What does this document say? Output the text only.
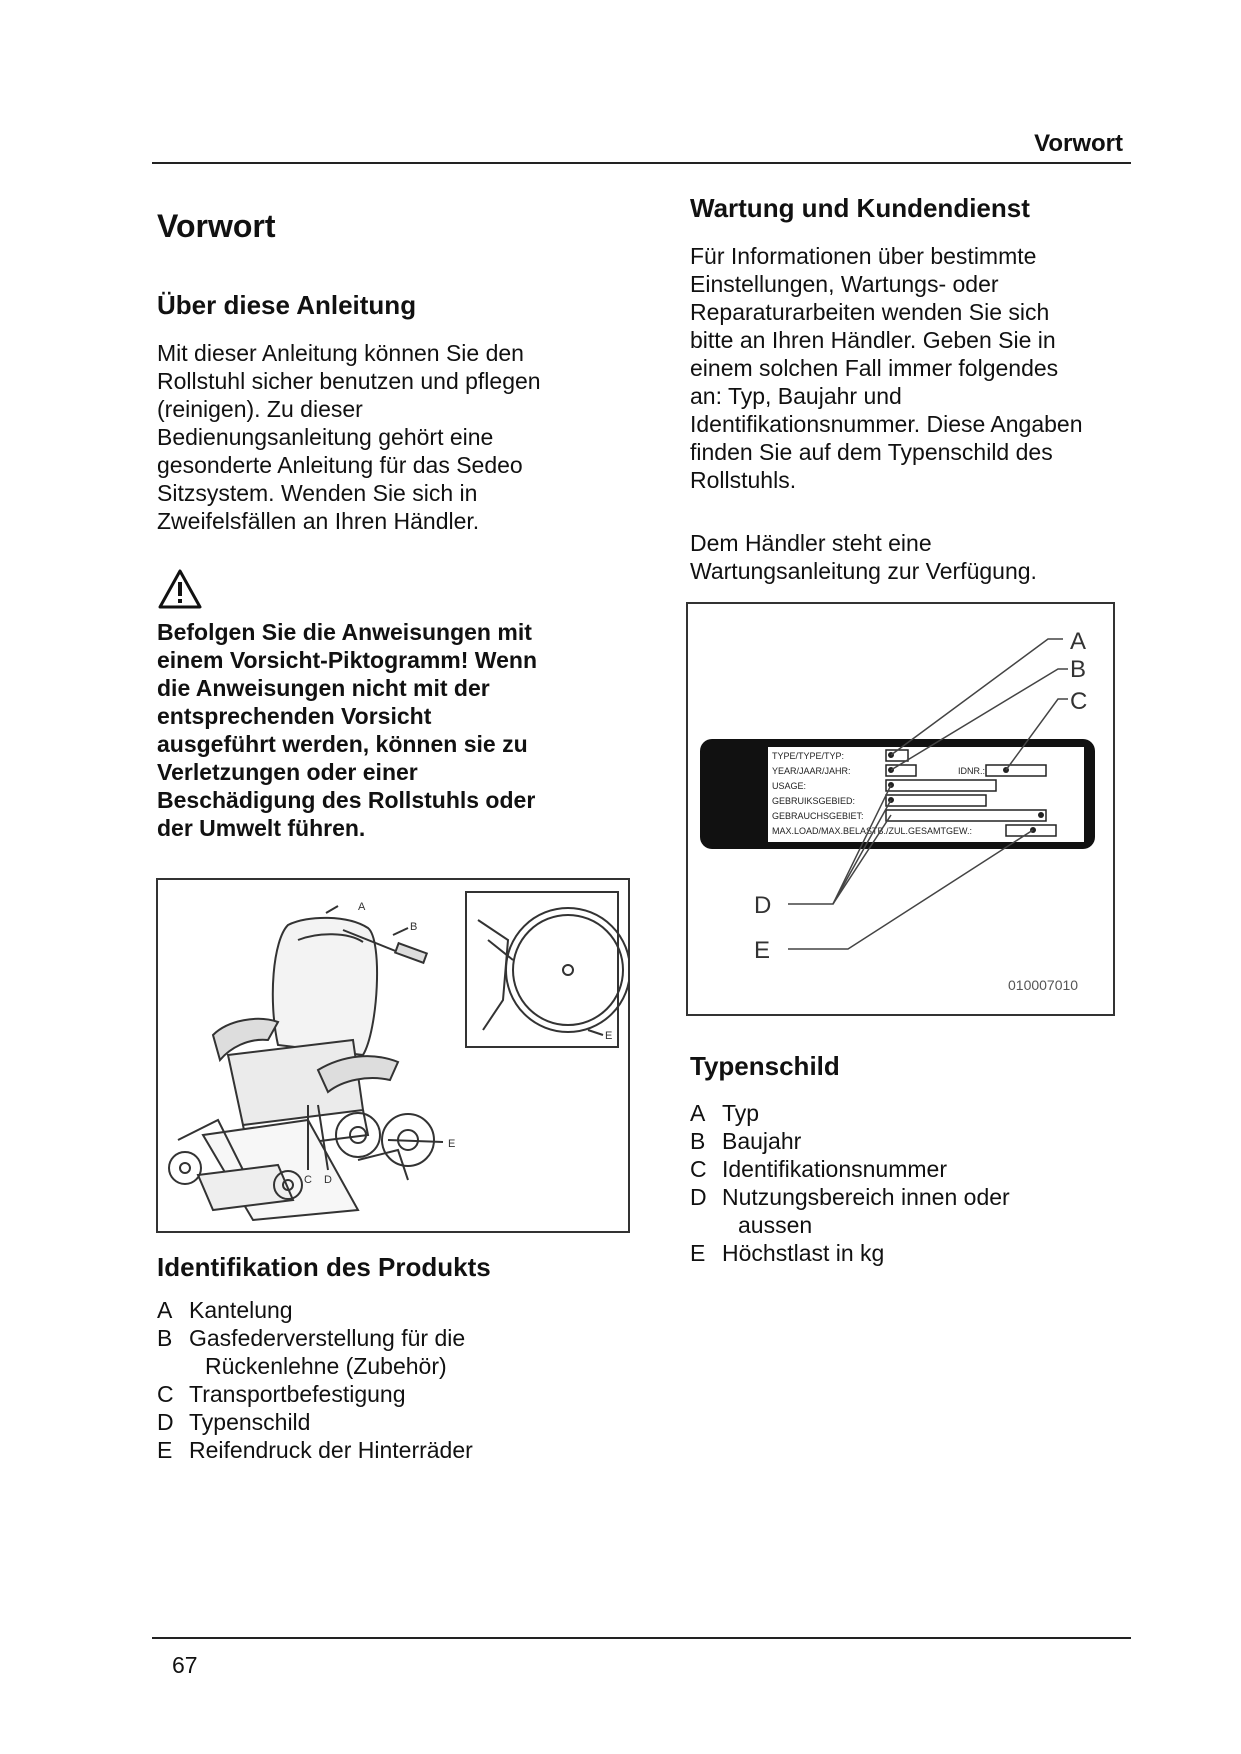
Vorwort
Vorwort
Über diese Anleitung
Mit dieser Anleitung können Sie den
Rollstuhl sicher benutzen und pflegen
(reinigen). Zu dieser
Bedienungsanleitung gehört eine
gesonderte Anleitung für das Sedeo
Sitzsystem. Wenden Sie sich in
Zweifelsfällen an Ihren Händler.
Befolgen Sie die Anweisungen mit
einem Vorsicht-Piktogramm! Wenn
die Anweisungen nicht mit der
entsprechenden Vorsicht
ausgeführt werden, können sie zu
Verletzungen oder einer
Beschädigung des Rollstuhls oder
der Umwelt führen.
A
B
C D
E
E
Identifikation des Produkts
A Kantelung
B Gasfederverstellung für die
Rückenlehne (Zubehör)
C Transportbefestigung
D Typenschild
E Reifendruck der Hinterräder
Wartung und Kundendienst
Für Informationen über bestimmte
Einstellungen, Wartungs- oder
Reparaturarbeiten wenden Sie sich
bitte an Ihren Händler. Geben Sie in
einem solchen Fall immer folgendes
an: Typ, Baujahr und
Identifikationsnummer. Diese Angaben
finden Sie auf dem Typenschild des
Rollstuhls.
Dem Händler steht eine
Wartungsanleitung zur Verfügung.
TYPE/TYPE/TYP:
YEAR/JAAR/JAHR:
USAGE:
GEBRUIKSGEBIED:
GEBRAUCHSGEBIET:
MAX.LOAD/MAX.BELASTB./ZUL.GESAMTGEW.:
IDNR.:
A
B
C
D
E
010007010
Typenschild
A Typ
B Baujahr
C Identifikationsnummer
D Nutzungsbereich innen oder
aussen
E Höchstlast in kg
67
